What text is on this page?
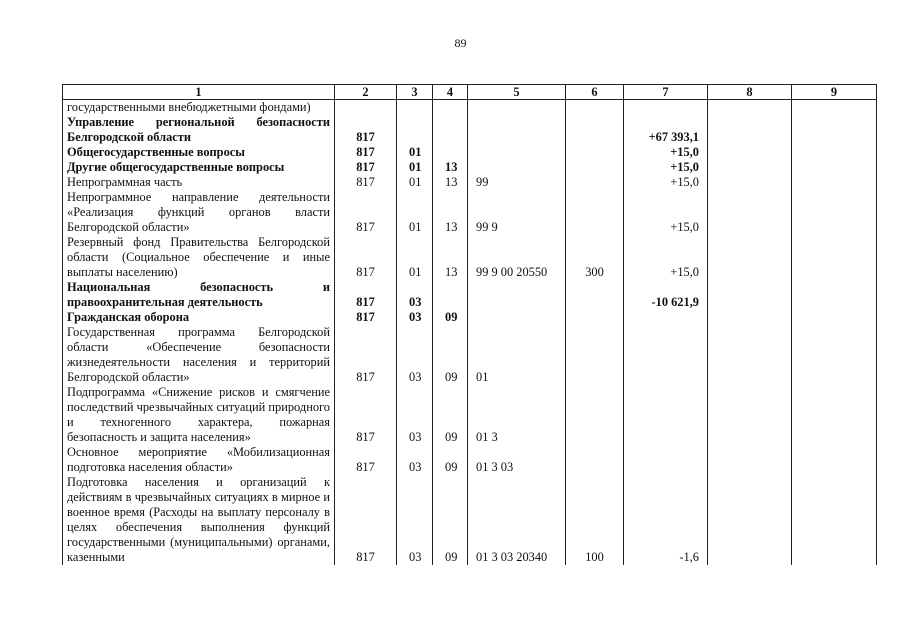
89
1	2	3	4	5	6	7	8	9
государственными внебюджетными фондами)								
Управление региональной безопасности Белгородской области	817					+67 393,1		
Общегосударственные вопросы	817	01				+15,0		
Другие общегосударственные вопросы	817	01	13			+15,0		
Непрограммная часть	817	01	13	99		+15,0		
Непрограммное направление деятельности «Реализация функций органов власти Белгородской области»	817	01	13	99 9		+15,0		
Резервный фонд Правительства Белгородской области (Социальное обеспечение и иные выплаты населению)	817	01	13	99 9 00 20550	300	+15,0		
Национальная безопасность и правоохранительная деятельность	817	03				-10 621,9		
Гражданская оборона	817	03	09					
Государственная программа Белгородской области «Обеспечение безопасности жизнедеятельности населения и территорий Белгородской области»	817	03	09	01				
Подпрограмма «Снижение рисков и смягчение последствий чрезвычайных ситуаций природного и техногенного характера, пожарная безопасность и защита населения»	817	03	09	01 3				
Основное мероприятие «Мобилизационная подготовка населения области»	817	03	09	01 3 03				
Подготовка населения и организаций к действиям в чрезвычайных ситуациях в мирное и военное время (Расходы на выплату персоналу в целях обеспечения выполнения функций государственными (муниципальными) органами, казенными	817	03	09	01 3 03 20340	100	-1,6		
